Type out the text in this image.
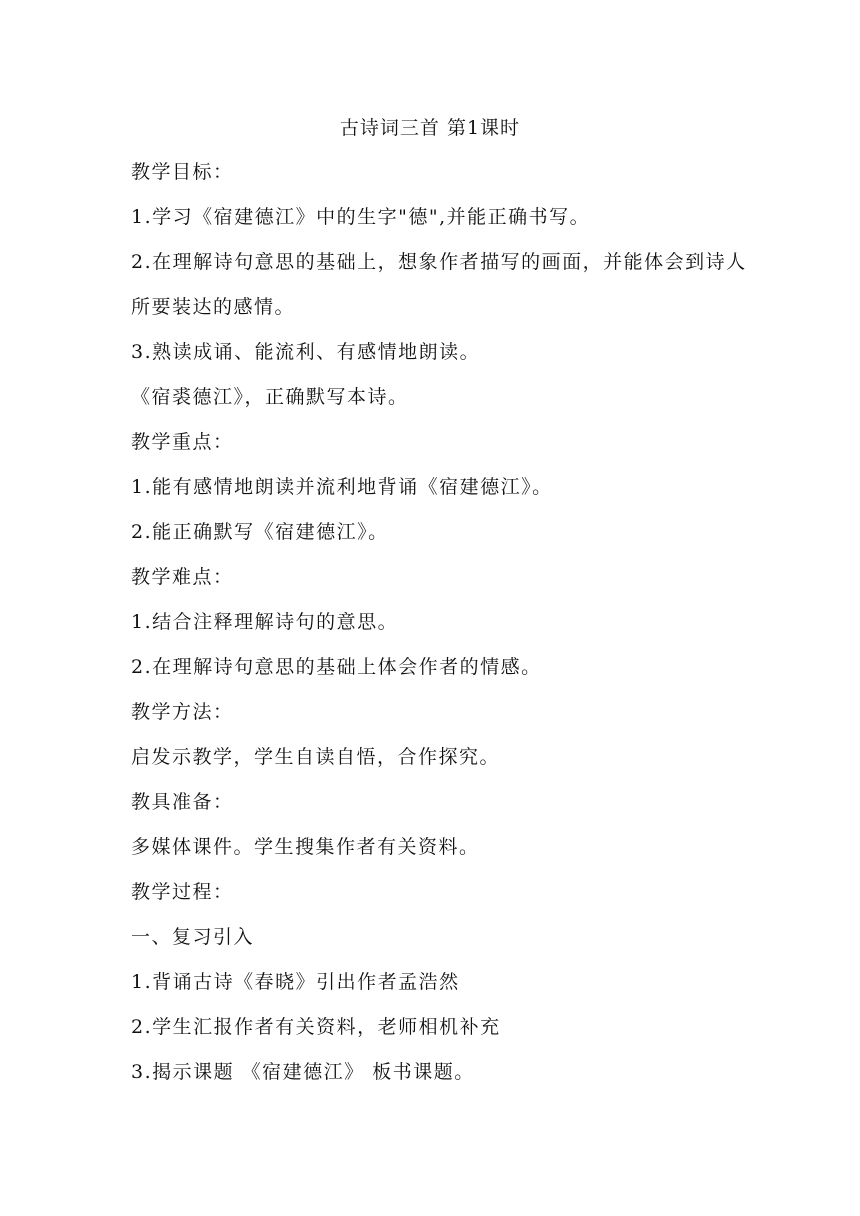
古诗词三首 第1课时
教学目标：
1.学习《宿建德江》中的生字"德",并能正确书写。
2.在理解诗句意思的基础上，想象作者描写的画面，并能体会到诗人
所要装达的感情。
3.熟读成诵、能流利、有感情地朗读。
《宿裘德江》，正确默写本诗。
教学重点：
1.能有感情地朗读并流利地背诵《宿建德江》。
2.能正确默写《宿建德江》。
教学难点：
1.结合注释理解诗句的意思。
2.在理解诗句意思的基础上体会作者的情感。
教学方法：
启发示教学，学生自读自悟，合作探究。
教具准备：
多媒体课件。学生搜集作者有关资料。
教学过程：
一、复习引入
1.背诵古诗《春晓》引出作者孟浩然
2.学生汇报作者有关资料，老师相机补充
3.揭示课题 《宿建德江》 板书课题。
